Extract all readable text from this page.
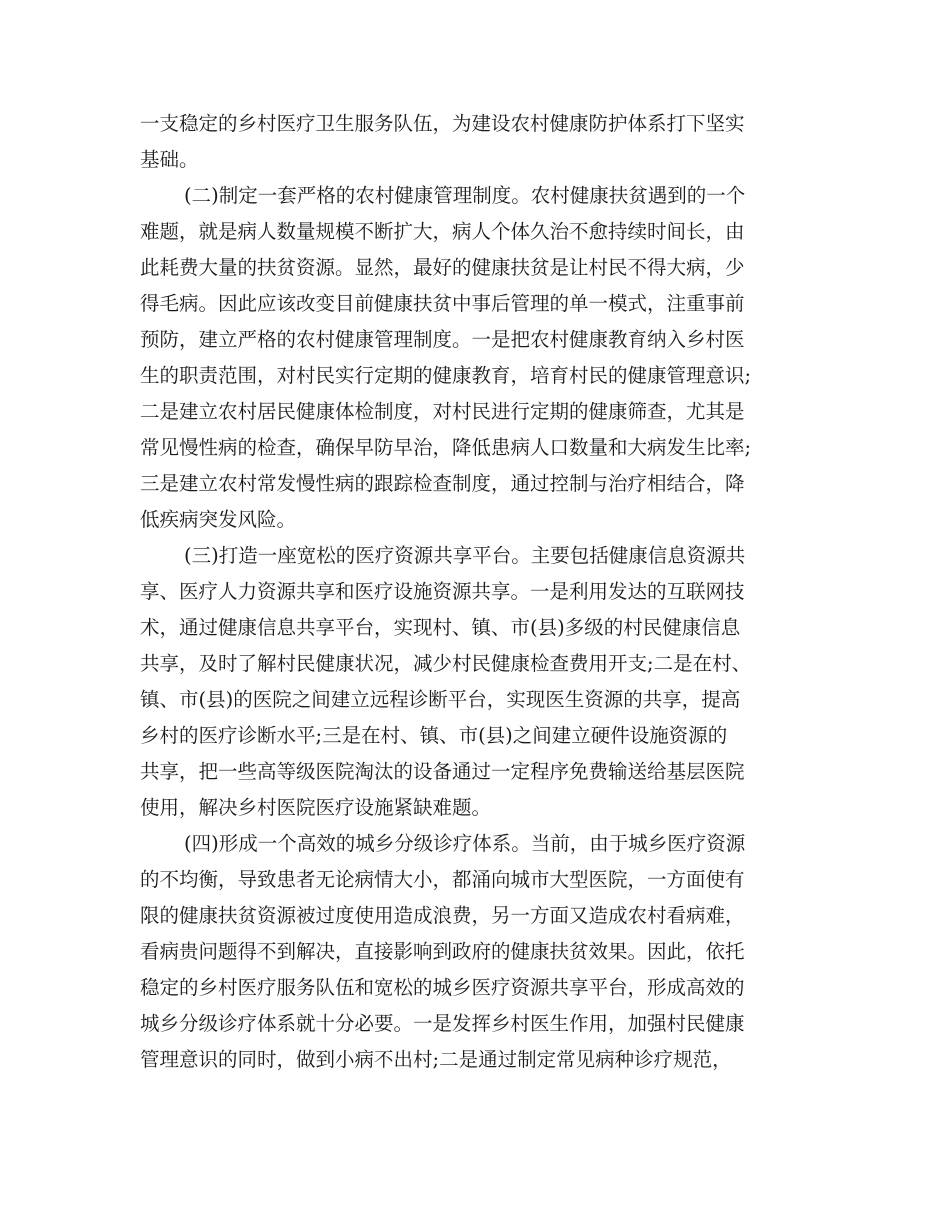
一支稳定的乡村医疗卫生服务队伍，为建设农村健康防护体系打下坚实
基础。
(二)制定一套严格的农村健康管理制度。农村健康扶贫遇到的一个
难题，就是病人数量规模不断扩大，病人个体久治不愈持续时间长，由
此耗费大量的扶贫资源。显然，最好的健康扶贫是让村民不得大病，少
得毛病。因此应该改变目前健康扶贫中事后管理的单一模式，注重事前
预防，建立严格的农村健康管理制度。一是把农村健康教育纳入乡村医
生的职责范围，对村民实行定期的健康教育，培育村民的健康管理意识;
二是建立农村居民健康体检制度，对村民进行定期的健康筛查，尤其是
常见慢性病的检查，确保早防早治，降低患病人口数量和大病发生比率;
三是建立农村常发慢性病的跟踪检查制度，通过控制与治疗相结合，降
低疾病突发风险。
(三)打造一座宽松的医疗资源共享平台。主要包括健康信息资源共
享、医疗人力资源共享和医疗设施资源共享。一是利用发达的互联网技
术，通过健康信息共享平台，实现村、镇、市(县)多级的村民健康信息
共享，及时了解村民健康状况，减少村民健康检查费用开支;二是在村、
镇、市(县)的医院之间建立远程诊断平台，实现医生资源的共享，提高
乡村的医疗诊断水平;三是在村、镇、市(县)之间建立硬件设施资源的
共享，把一些高等级医院淘汰的设备通过一定程序免费输送给基层医院
使用，解决乡村医院医疗设施紧缺难题。
(四)形成一个高效的城乡分级诊疗体系。当前，由于城乡医疗资源
的不均衡，导致患者无论病情大小，都涌向城市大型医院，一方面使有
限的健康扶贫资源被过度使用造成浪费，另一方面又造成农村看病难，
看病贵问题得不到解决，直接影响到政府的健康扶贫效果。因此，依托
稳定的乡村医疗服务队伍和宽松的城乡医疗资源共享平台，形成高效的
城乡分级诊疗体系就十分必要。一是发挥乡村医生作用，加强村民健康
管理意识的同时，做到小病不出村;二是通过制定常见病种诊疗规范，
